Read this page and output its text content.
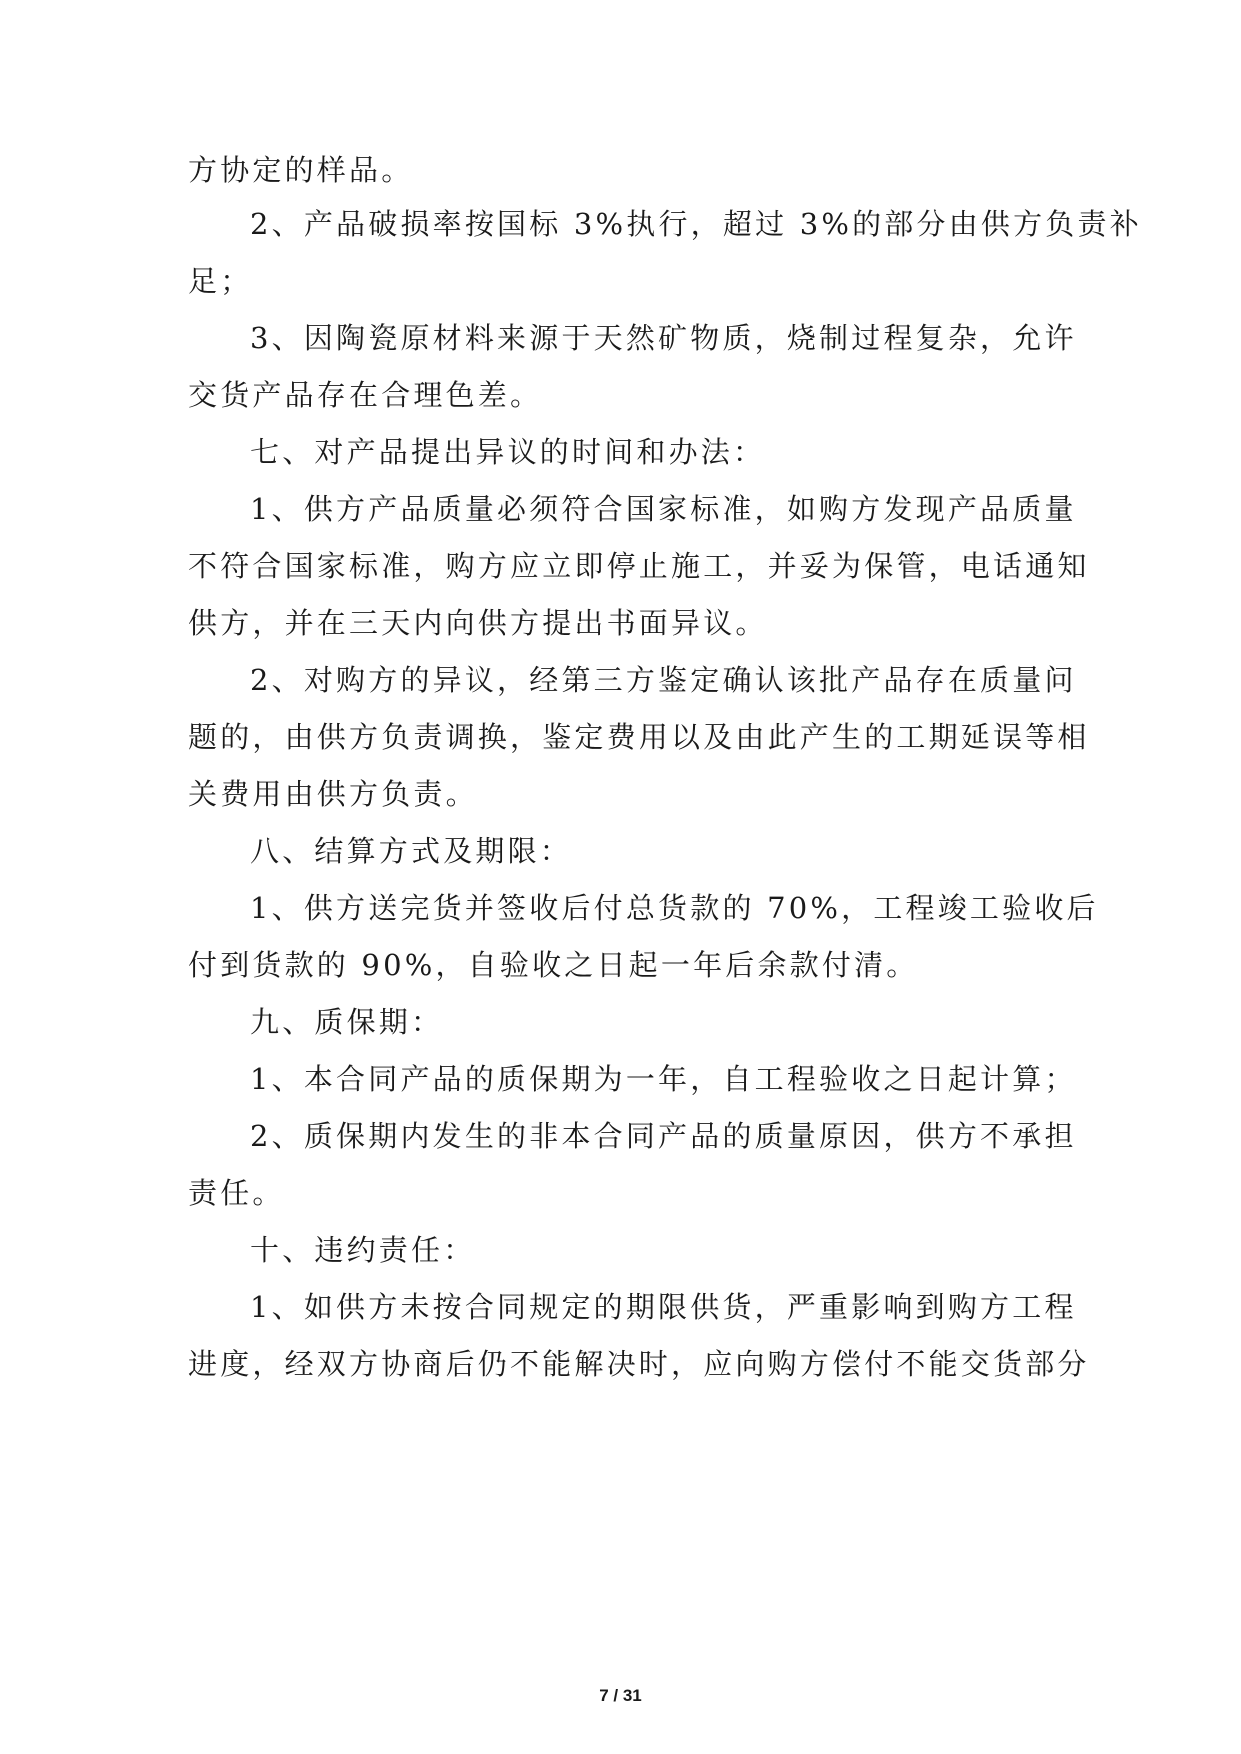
方协定的样品。
2、产品破损率按国标 3%执行，超过 3%的部分由供方负责补
足；
3、因陶瓷原材料来源于天然矿物质，烧制过程复杂，允许
交货产品存在合理色差。
七、对产品提出异议的时间和办法：
1、供方产品质量必须符合国家标准，如购方发现产品质量
不符合国家标准，购方应立即停止施工，并妥为保管，电话通知
供方，并在三天内向供方提出书面异议。
2、对购方的异议，经第三方鉴定确认该批产品存在质量问
题的，由供方负责调换，鉴定费用以及由此产生的工期延误等相
关费用由供方负责。
八、结算方式及期限：
1、供方送完货并签收后付总货款的 70%，工程竣工验收后
付到货款的 90%，自验收之日起一年后余款付清。
九、质保期：
1、本合同产品的质保期为一年，自工程验收之日起计算；
2、质保期内发生的非本合同产品的质量原因，供方不承担
责任。
十、违约责任：
1、如供方未按合同规定的期限供货，严重影响到购方工程
进度，经双方协商后仍不能解决时，应向购方偿付不能交货部分
7 / 31
